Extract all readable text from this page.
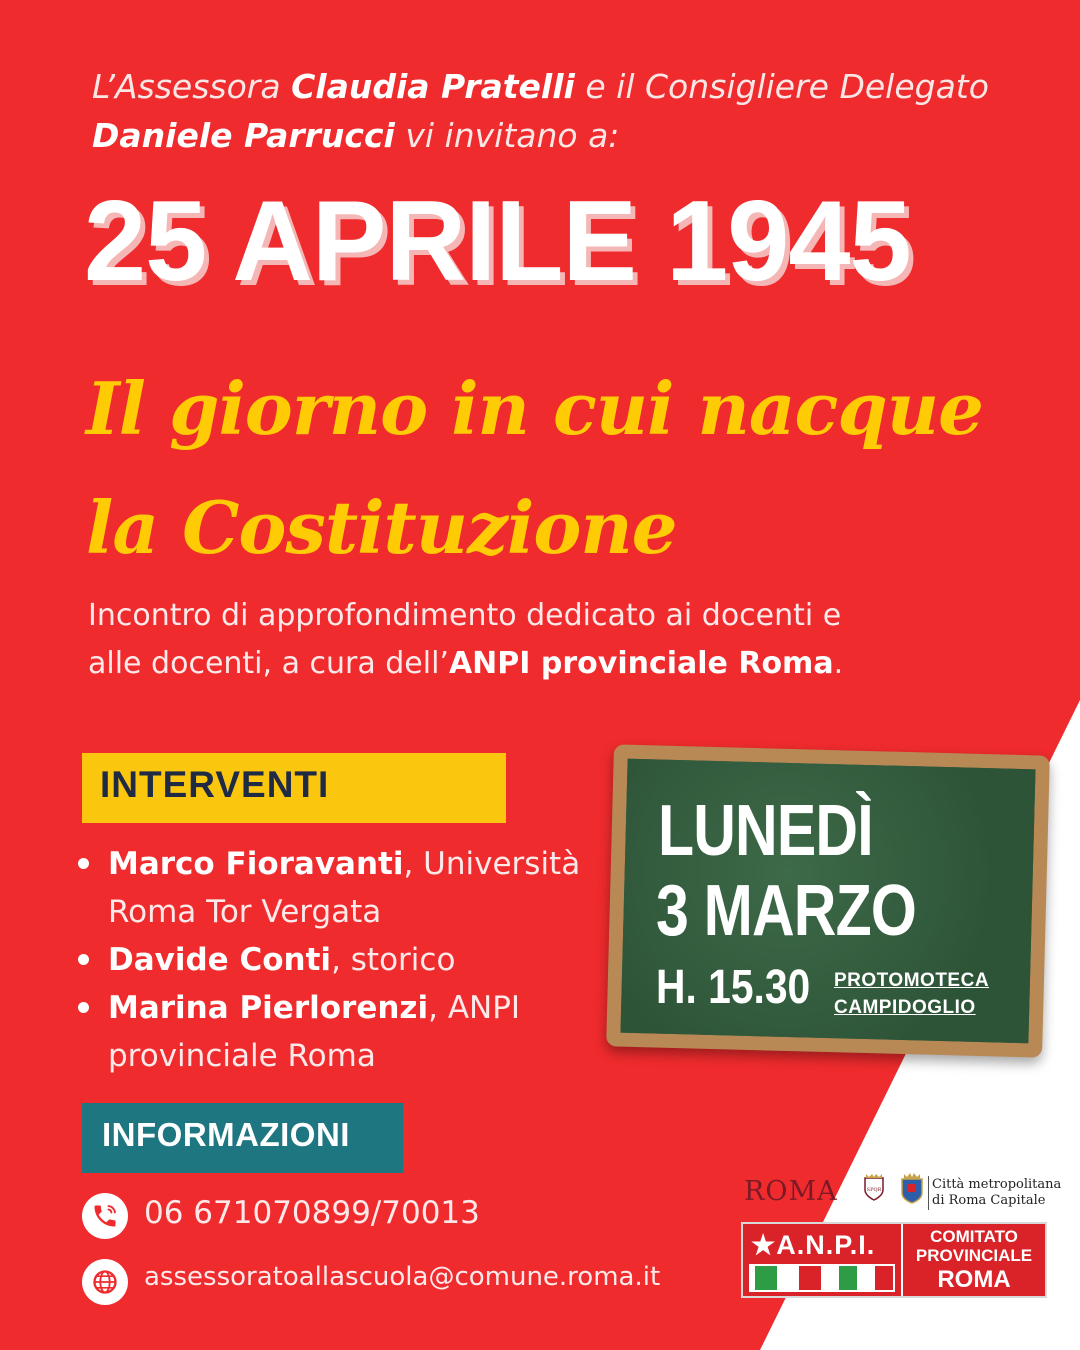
L’Assessora Claudia Pratelli e il Consigliere Delegato Daniele Parrucci vi invitano a:
25 APRILE 1945
Il giorno in cui nacque
la Costituzione
Incontro di approfondimento dedicato ai docenti e alle docenti, a cura dell’ANPI provinciale Roma.
INTERVENTI
Marco Fioravanti, Università Roma Tor Vergata
Davide Conti, storico
Marina Pierlorenzi, ANPI provinciale Roma
LUNEDÌ
3 MARZO
H. 15.30 PROTOMOTECA
CAMPIDOGLIO
INFORMAZIONI
06 671070899/70013
assessoratoallascuola@comune.roma.it
ROMA	SPQR	Città metropolitana
di Roma Capitale
★A.N.P.I.	COMITATO
PROVINCIALE
ROMA
